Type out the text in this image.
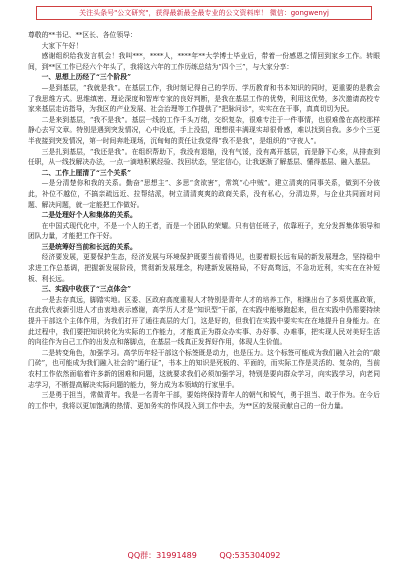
关注头条号"公文研究"，获得最新最全最专业的公文资料库！ 微信：gongwenyj

尊敬的**书记、**区长、各位领导：

大家下午好！

感谢组织给我发言机会！我叫***，****人，****年**大学博士毕业后，带着一份感恩之情回到家乡工作。转眼间，到**区工作已经六个年头了，我将这六年的工作历练总结为“四个三”，与大家分享：

一、思想上历经了“三个阶段”

—是到基层，“我就是我”。在基层工作，我时刻记得自己的学历、学历教育和书本知识的同时，更重要的是教会了我思维方式。思维缜密、理论深度和智库专家的良好判断，是我在基层工作的优势，利用这优势，多次邀请高校专家来基层走访指导，为我区的产业发展、社会治理等工作提供了"把脉问诊"，实实在在干事，真真切切为民。

二是来到基层，“我不是我”。基层一线的工作千头万绪，交织复杂，很难专注于一件事情，也很难像在高校那样静心去写文章。特别是遇到突发情况，心中没底，手上没招，理想很丰满现实却很骨感，难以找到自我。多少个三更半夜接到突发情况，第一时间奔赴现场，沉甸甸的责任让我觉得“我不是我”，是组织的“守夜人”。

三是扎到基层，“我还是我”。在组织帮助下，我没有退缩，没有气馁，没有离开基层，而是静下心来，从排查到任职，从一线找解决办法，一点一滴地积累经验、找回状态，坚定信心，让我逐渐了解基层、懂得基层、融入基层。

二、工作上厘清了“三个关系”

—是分清楚你和我的关系。勤奋“思想主”、多思“贪欲害”，常筑“心中贼”。建立清爽的同事关系，做到不分彼此，补位不越位，不搞亲疏远近、拉帮结派，树立清清爽爽的政商关系，没有私心，分清边界，与企业共同面对问题、解决问题，就一定能把工作做好。

二是处理好个人和集体的关系。

在中国式现代化中，不是一个人的王者，而是一个团队的荣耀。只有信任班子，依靠班子，充分发挥集体领导和团队力量，才能把工作干好。

三是统筹好当前和长远的关系。

经济要发展，更要保护生态，经济发展与环境保护既要当前看得见，也要着眼长远布局的新发展理念，坚持稳中求进工作总基调，把握新发展阶段，贯彻新发展理念，构建新发展格局，不好高骛远，不急功近利，实实在在补短板、利长远。

三、实践中收获了“三点体会”

一是去存真远，脚踏实地。区委、区政府高度重视人才特别是青年人才的培养工作，相继出台了多项优惠政策，在此我代表新引进人才由衷地表示感谢，高学历人才是“知识型”干部，在实践中能够跑起来，但在实践中仍需要持续提升干部这个主体作用，为我们打开了通往高层的大门，这是好的，但我们在实践中要实实在在地提升自身能力。在此过程中，我们要把知识转化为实际的工作能力，才能真正为群众办实事、办好事、办难事，把实现人民对美好生活的向往作为自己工作的出发点和落脚点，在基层一线真正发挥好作用，体现人生价值。

二是转变角色，加强学习。高学历年轻干部这个标签既是动力，也是压力。这个标签可能成为我们融入社会的“敲门砖”，也可能成为我们融入社会的“通行证”，书本上的知识是死板的、平面的，而实际工作是灵活的、复杂的，当前农村工作依然面临着许多新的困难和问题，这就要求我们必须加强学习，特别是要向群众学习，向实践学习，向老同志学习，不断提高解决实际问题的能力，努力成为本领域的行家里手。

三是勇于担当，常做青年。我是一名青年干部，要始终保持青年人的朝气和锐气，勇于担当、敢于作为。在今后的工作中，我将以更加饱满的热情、更加务实的作风投入到工作中去，为**区的发展贡献自己的一份力量。

QQ群：31991489	QQ:535304092
